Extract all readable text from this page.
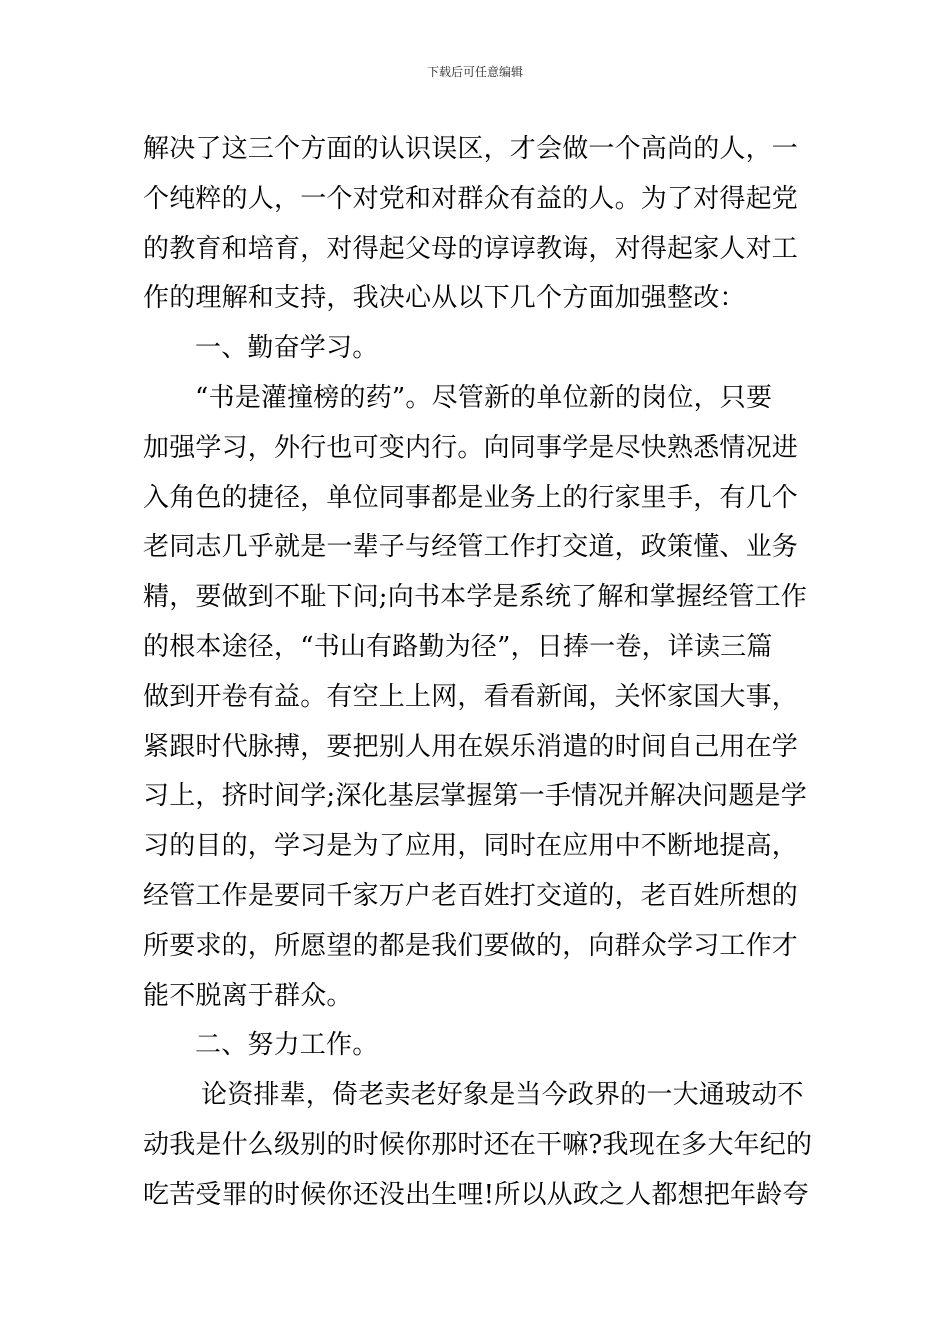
下载后可任意编辑
解决了这三个方面的认识误区，才会做一个高尚的人，一
个纯粹的人，一个对党和对群众有益的人。为了对得起党
的教育和培育，对得起父母的谆谆教诲，对得起家人对工
作的理解和支持，我决心从以下几个方面加强整改：
一、勤奋学习。
“书是灌撞榜的药”。尽管新的单位新的岗位，只要
加强学习，外行也可变内行。向同事学是尽快熟悉情况进
入角色的捷径，单位同事都是业务上的行家里手，有几个
老同志几乎就是一辈子与经管工作打交道，政策懂、业务
精，要做到不耻下问;向书本学是系统了解和掌握经管工作
的根本途径，“书山有路勤为径”，日捧一卷，详读三篇
做到开卷有益。有空上上网，看看新闻，关怀家国大事，
紧跟时代脉搏，要把别人用在娱乐消遣的时间自己用在学
习上，挤时间学;深化基层掌握第一手情况并解决问题是学
习的目的，学习是为了应用，同时在应用中不断地提高，
经管工作是要同千家万户老百姓打交道的，老百姓所想的
所要求的，所愿望的都是我们要做的，向群众学习工作才
能不脱离于群众。
二、努力工作。
论资排辈，倚老卖老好象是当今政界的一大通玻动不
动我是什么级别的时候你那时还在干嘛?我现在多大年纪的
吃苦受罪的时候你还没出生哩!所以从政之人都想把年龄夸
